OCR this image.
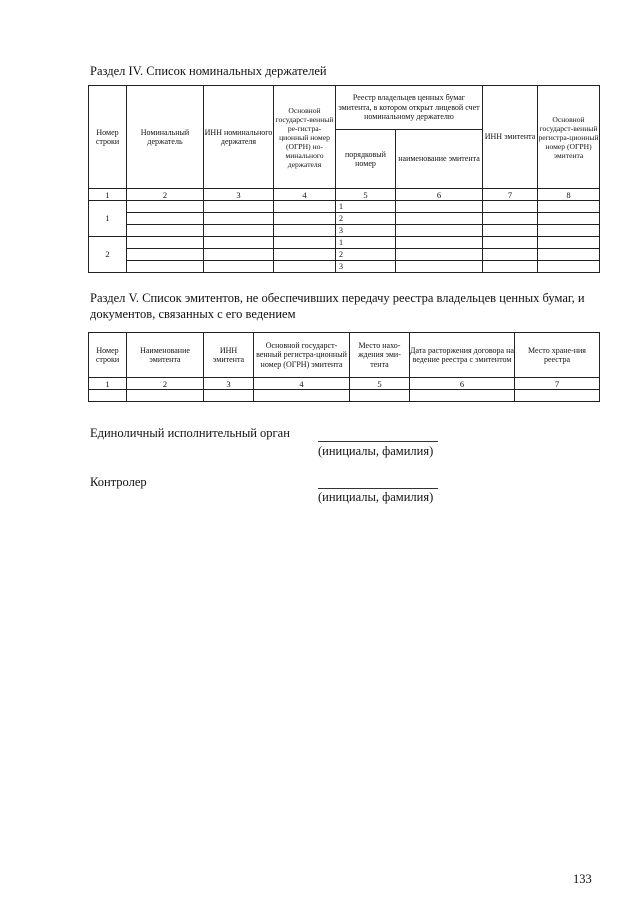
Раздел IV. Список номинальных держателей

Номер строки	Номинальный держатель	ИНН номинального держателя	Основной государст-венный ре-гистра-ционный номер (ОГРН) но-минального держателя	Реестр владельцев ценных бумаг эмитента, в котором открыт лицевой счет номинальному держателю		ИНН эмитента	Основной государст-венный регистра-ционный номер (ОГРН) эмитента
				порядковый номер	наименование эмитента		
1	2	3	4	5	6	7	8
1				1			
				2			
				3			
2				1			
				2			
				3			

Раздел V. Список эмитентов, не обеспечивших передачу реестра владельцев ценных бумаг, и документов, связанных с его ведением

Номер строки	Наименование эмитента	ИНН эмитента	Основной государст-венный регистра-ционный номер (ОГРН) эмитента	Место нахо-ждения эми-тента	Дата расторжения договора на ведение реестра с эмитентом	Место хране-ния реестра
1	2	3	4	5	6	7

Единоличный исполнительный орган

(инициалы, фамилия)

Контролер

(инициалы, фамилия)

133
